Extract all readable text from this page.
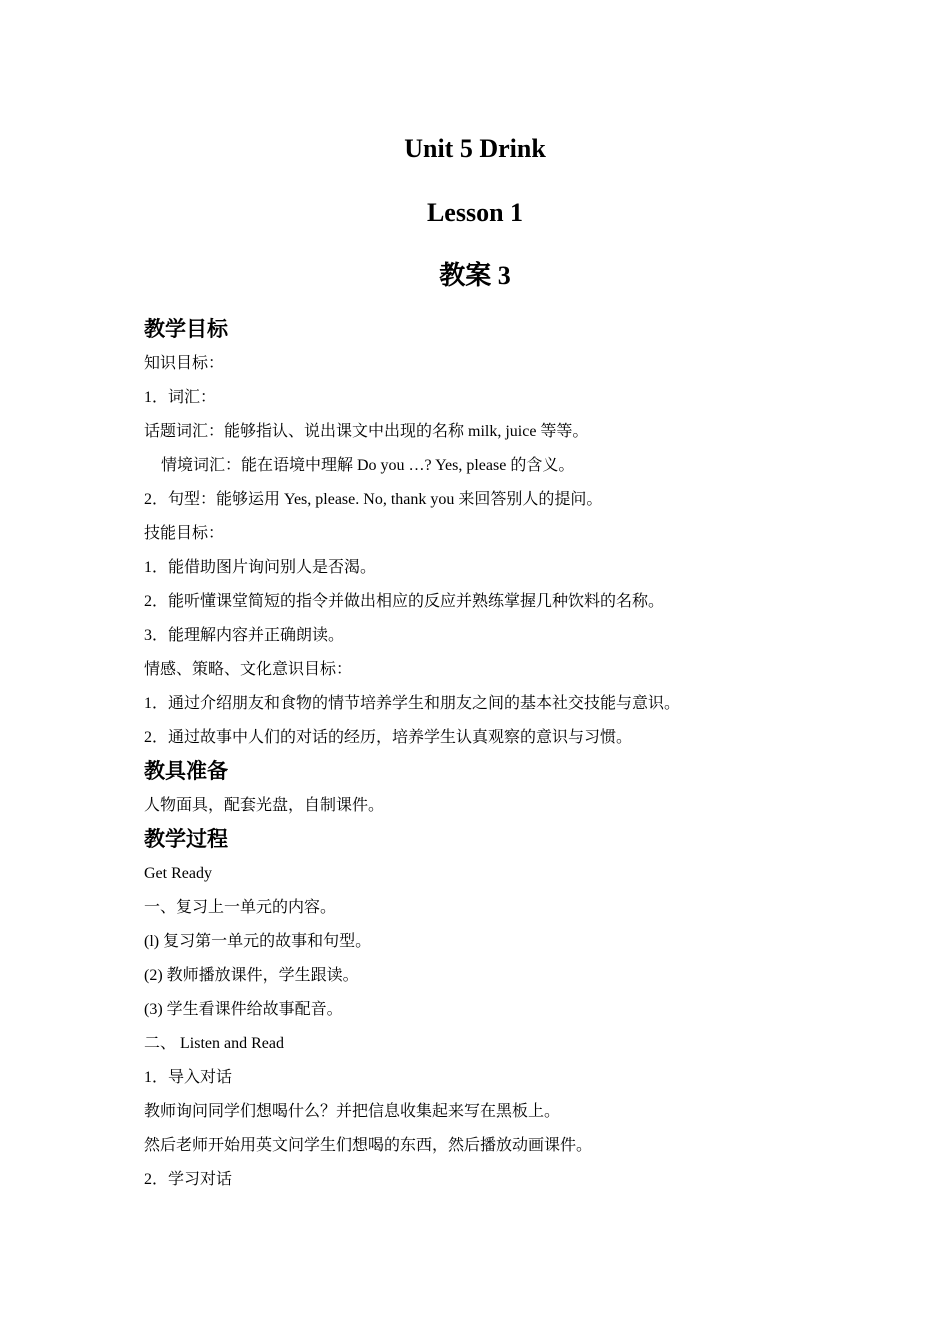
Unit 5 Drink
Lesson 1
教案 3
教学目标

知识目标：

1．词汇：

话题词汇：能够指认、说出课文中出现的名称 milk, juice 等等。

情境词汇：能在语境中理解 Do you …? Yes, please 的含义。

2．句型：能够运用 Yes, please. No, thank you 来回答别人的提问。

技能目标：

1．能借助图片询问别人是否渴。

2．能听懂课堂简短的指令并做出相应的反应并熟练掌握几种饮料的名称。

3．能理解内容并正确朗读。

情感、策略、文化意识目标：

1．通过介绍朋友和食物的情节培养学生和朋友之间的基本社交技能与意识。

2．通过故事中人们的对话的经历，培养学生认真观察的意识与习惯。

教具准备

人物面具，配套光盘，自制课件。

教学过程

Get Ready

一、复习上一单元的内容。

(l) 复习第一单元的故事和句型。

(2) 教师播放课件，学生跟读。

(3) 学生看课件给故事配音。

二、 Listen and Read

1．导入对话

教师询问同学们想喝什么？并把信息收集起来写在黑板上。

然后老师开始用英文问学生们想喝的东西，然后播放动画课件。

2．学习对话
